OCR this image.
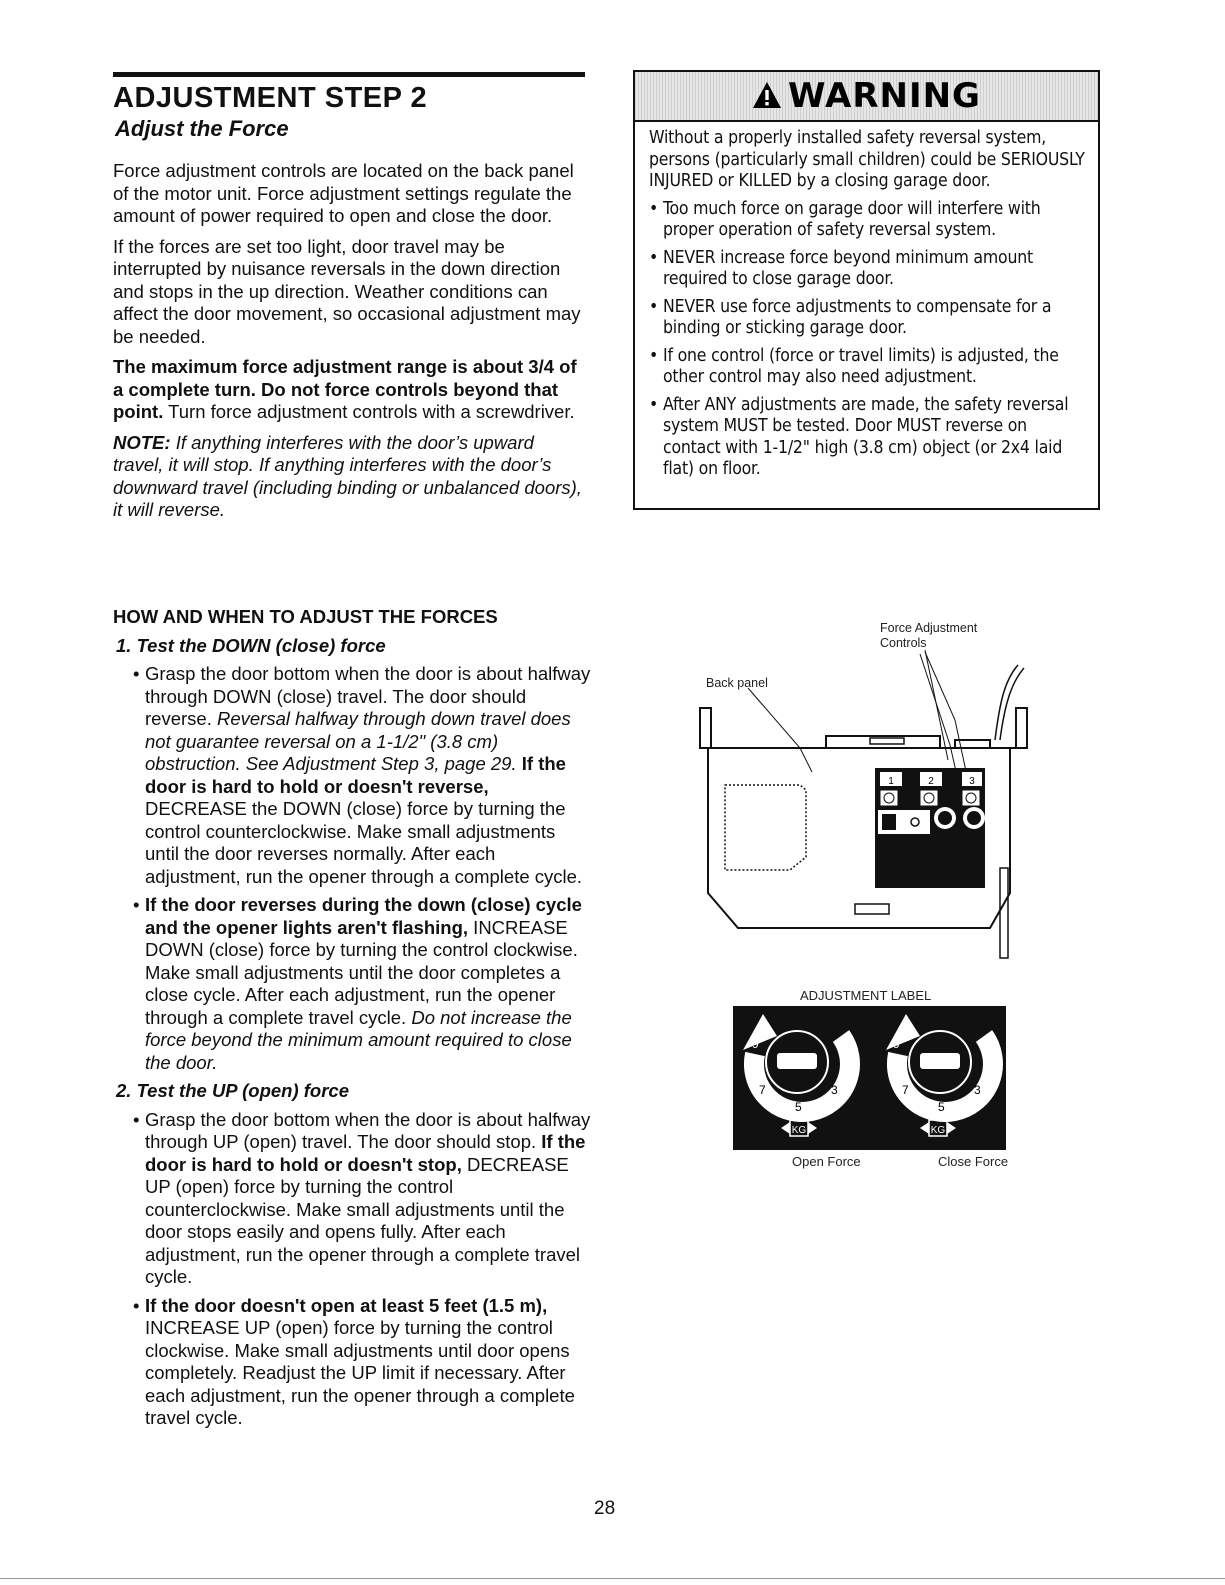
ADJUSTMENT STEP 2
Adjust the Force

Force adjustment controls are located on the back panel of the motor unit. Force adjustment settings regulate the amount of power required to open and close the door.

If the forces are set too light, door travel may be interrupted by nuisance reversals in the down direction and stops in the up direction. Weather conditions can affect the door movement, so occasional adjustment may be needed.

The maximum force adjustment range is about 3/4 of a complete turn. Do not force controls beyond that point. Turn force adjustment controls with a screwdriver.

NOTE: If anything interferes with the door’s upward travel, it will stop. If anything interferes with the door’s downward travel (including binding or unbalanced doors), it will reverse.

HOW AND WHEN TO ADJUST THE FORCES
1. Test the DOWN (close) force
• Grasp the door bottom when the door is about halfway through DOWN (close) travel. The door should reverse. Reversal halfway through down travel does not guarantee reversal on a 1-1/2" (3.8 cm) obstruction. See Adjustment Step 3, page 29. If the door is hard to hold or doesn't reverse, DECREASE the DOWN (close) force by turning the control counterclockwise. Make small adjustments until the door reverses normally. After each adjustment, run the opener through a complete cycle.
• If the door reverses during the down (close) cycle and the opener lights aren't flashing, INCREASE DOWN (close) force by turning the control clockwise. Make small adjustments until the door completes a close cycle. After each adjustment, run the opener through a complete travel cycle. Do not increase the force beyond the minimum amount required to close the door.
2. Test the UP (open) force
• Grasp the door bottom when the door is about halfway through UP (open) travel. The door should stop. If the door is hard to hold or doesn't stop, DECREASE UP (open) force by turning the control counterclockwise. Make small adjustments until the door stops easily and opens fully. After each adjustment, run the opener through a complete travel cycle.
• If the door doesn't open at least 5 feet (1.5 m), INCREASE UP (open) force by turning the control clockwise. Make small adjustments until door opens completely. Readjust the UP limit if necessary. After each adjustment, run the opener through a complete travel cycle.
WARNING

Without a properly installed safety reversal system, persons (particularly small children) could be SERIOUSLY INJURED or KILLED by a closing garage door.

• Too much force on garage door will interfere with proper operation of safety reversal system.

• NEVER increase force beyond minimum amount required to close garage door.

• NEVER use force adjustments to compensate for a binding or sticking garage door.

• If one control (force or travel limits) is adjusted, the other control may also need adjustment.

• After ANY adjustments are made, the safety reversal system MUST be tested. Door MUST reverse on contact with 1-1/2" high (3.8 cm) object (or 2x4 laid flat) on floor.

Force Adjustment
Controls
Back panel
1	2	3
ADJUSTMENT LABEL
9	1
7	3
5
KG
9	1
7	3
5
KG
Open Force	Close Force
28
